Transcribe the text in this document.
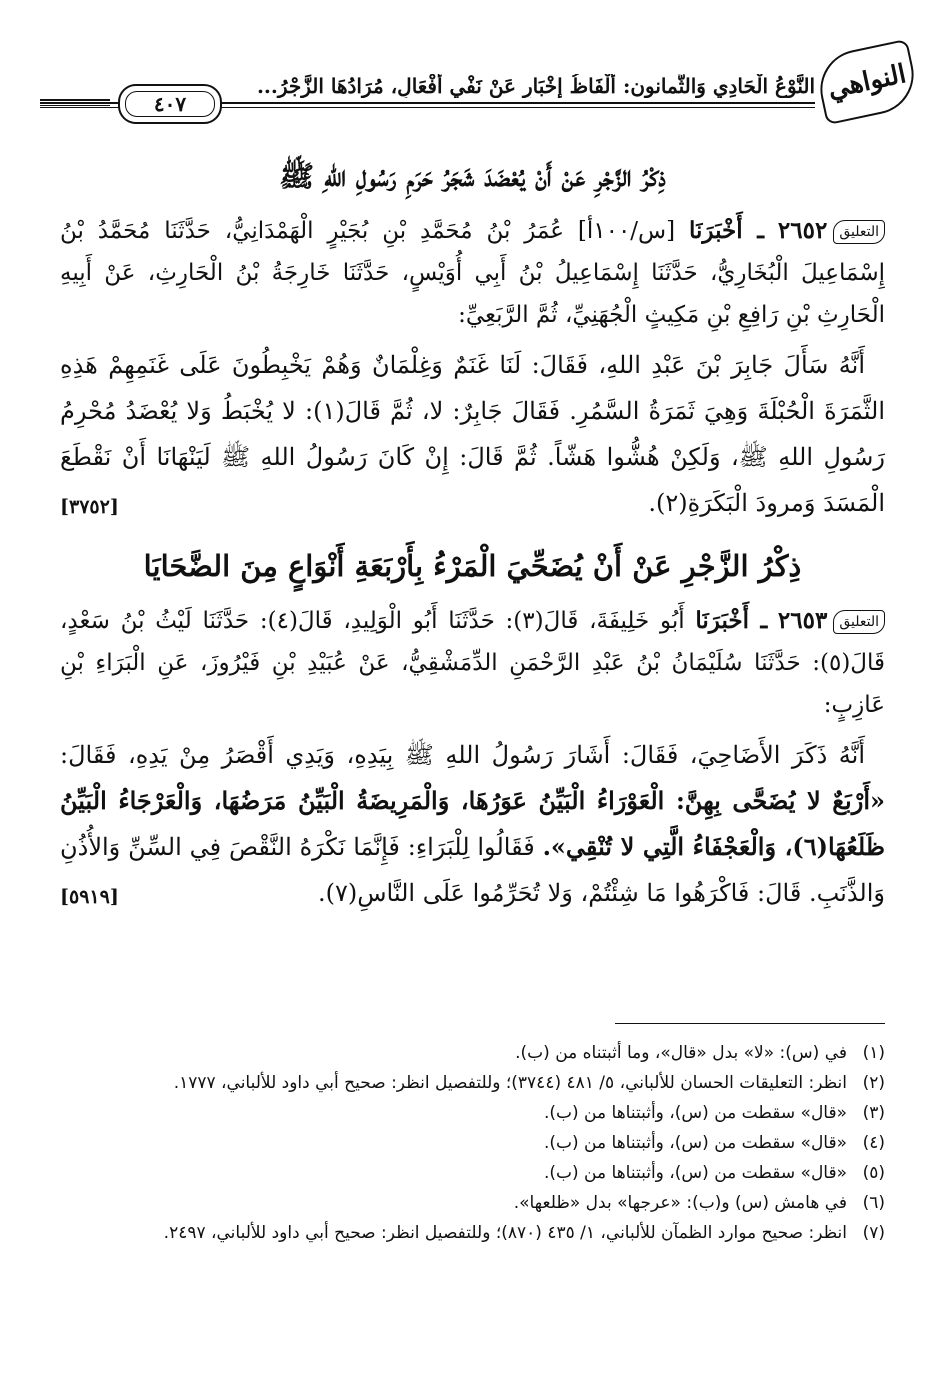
النواهي
النَّوْعُ الْحَادِي وَالثَّمانون: أَلْفَاظُ إِخْبَارٍ عَنْ نَفْيِ أَفْعَالٍ، مُرَادُهَا الزَّجْرُ...
٤٠٧
ذِكْرُ الزَّجْرِ عَنْ أَنْ يُعْضَدَ شَجَرُ حَرَمِ رَسُولِ اللهِ ﷺ
التعليق٢٦٥٢ ـ أَخْبَرَنَا [س/١٠٠أ] عُمَرُ بْنُ مُحَمَّدِ بْنِ بُجَيْرٍ الْهَمْدَانِيُّ، حَدَّثَنَا مُحَمَّدُ بْنُ إِسْمَاعِيلَ الْبُخَارِيُّ، حَدَّثَنَا إِسْمَاعِيلُ بْنُ أَبِي أُوَيْسٍ، حَدَّثَنَا خَارِجَةُ بْنُ الْحَارِثِ، عَنْ أَبِيهِ الْحَارِثِ بْنِ رَافِعِ بْنِ مَكِيثٍ الْجُهَنِيِّ، ثُمَّ الرَّبَعِيِّ:
أَنَّهُ سَأَلَ جَابِرَ بْنَ عَبْدِ اللهِ، فَقَالَ: لَنَا غَنَمٌ وَغِلْمَانٌ وَهُمْ يَخْبِطُونَ عَلَى غَنَمِهِمْ هَذِهِ الثَّمَرَةَ الْحُبْلَةَ وَهِيَ ثَمَرَةُ السَّمُرِ. فَقَالَ جَابِرٌ: لا، ثُمَّ قَالَ(١): لا يُخْبَطُ وَلا يُعْضَدُ مُحْرِمُ رَسُولِ اللهِ ﷺ، وَلَكِنْ هُشُّوا هَشّاً. ثُمَّ قَالَ: إِنْ كَانَ رَسُولُ اللهِ ﷺ لَيَنْهَانَا أَنْ نَقْطَعَ الْمَسَدَ وَمرودَ الْبَكَرَةِ(٢).
[٣٧٥٢]
ذِكْرُ الزَّجْرِ عَنْ أَنْ يُضَحِّيَ الْمَرْءُ بِأَرْبَعَةِ أَنْوَاعٍ مِنَ الضَّحَايَا
التعليق٢٦٥٣ ـ أَخْبَرَنَا أَبُو خَلِيفَةَ، قَالَ(٣): حَدَّثَنَا أَبُو الْوَلِيدِ، قَالَ(٤): حَدَّثَنَا لَيْثُ بْنُ سَعْدٍ، قَالَ(٥): حَدَّثَنَا سُلَيْمَانُ بْنُ عَبْدِ الرَّحْمَنِ الدِّمَشْقِيُّ، عَنْ عُبَيْدِ بْنِ فَيْرُوزَ، عَنِ الْبَرَاءِ بْنِ عَازِبٍ:
أَنَّهُ ذَكَرَ الأَضَاحِيَ، فَقَالَ: أَشَارَ رَسُولُ اللهِ ﷺ بِيَدِهِ، وَيَدِي أَقْصَرُ مِنْ يَدِهِ، فَقَالَ: «أَرْبَعٌ لا يُضَحَّى بِهِنَّ: الْعَوْرَاءُ الْبَيِّنُ عَوَرُهَا، وَالْمَرِيضَةُ الْبَيِّنُ مَرَضُهَا، وَالْعَرْجَاءُ الْبَيِّنُ ظَلَعُهَا(٦)، وَالْعَجْفَاءُ الَّتِي لا تُنْقِي». فَقَالُوا لِلْبَرَاءِ: فَإِنَّمَا نَكْرَهُ النَّقْصَ فِي السِّنِّ وَالأُذُنِ وَالذَّنَبِ. قَالَ: فَاكْرَهُوا مَا شِئْتُمْ، وَلا تُحَرِّمُوا عَلَى النَّاسِ(٧).
[٥٩١٩]
(١)
في (س): «لا» بدل «قال»، وما أثبتناه من (ب).
(٢)
انظر: التعليقات الحسان للألباني، ٥/ ٤٨١ (٣٧٤٤)؛ وللتفصيل انظر: صحيح أبي داود للألباني، ١٧٧٧.
(٣)
«قال» سقطت من (س)، وأثبتناها من (ب).
(٤)
«قال» سقطت من (س)، وأثبتناها من (ب).
(٥)
«قال» سقطت من (س)، وأثبتناها من (ب).
(٦)
في هامش (س) و(ب): «عرجها» بدل «ظلعها».
(٧)
انظر: صحيح موارد الظمآن للألباني، ١/ ٤٣٥ (٨٧٠)؛ وللتفصيل انظر: صحيح أبي داود للألباني، ٢٤٩٧.
